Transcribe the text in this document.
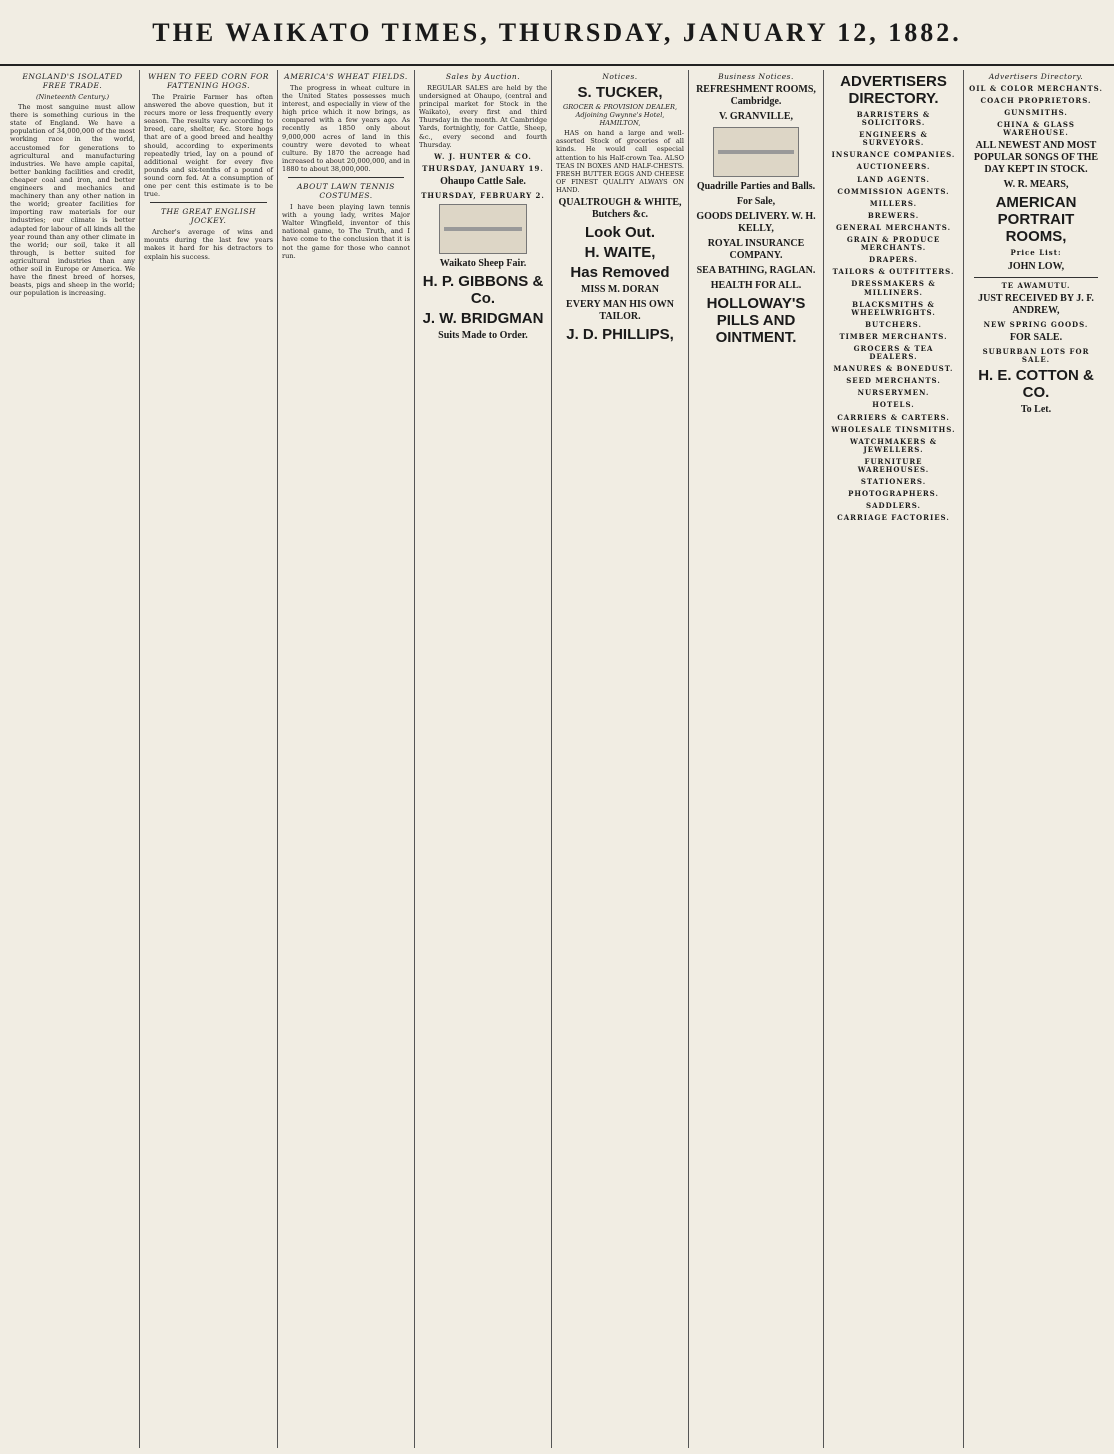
THE WAIKATO TIMES, THURSDAY, JANUARY 12, 1882.
ENGLAND'S ISOLATED FREE TRADE.
(Nineteenth Century.)

The most sanguine must allow there is something curious in the state of England. We have a population of 34,000,000 of the most working race in the world, accustomed for generations to agricultural and manufacturing industries. We have ample capital, better banking facilities and credit, cheaper coal and iron, and better engineers and mechanics and machinery than any other nation in the world; greater facilities for importing raw materials for our industries; our climate is better adapted for labour of all kinds all the year round than any other climate in the world; our soil, take it all through, is better suited for agricultural industries than any other soil in Europe or America. We have the finest breed of horses, beasts, pigs and sheep in the world; our population is increasing.

WHEN TO FEED CORN FOR FATTENING HOGS.

The Prairie Farmer has often answered the above question, but it recurs more or less frequently every season. The results vary according to breed, care, shelter, &c. Store hogs that are of a good breed and healthy should, according to experiments repeatedly tried, lay on a pound of additional weight for every five pounds and six-tenths of a pound of sound corn fed. At a consumption of one per cent this estimate is to be true.

THE GREAT ENGLISH JOCKEY.

Archer's average of wins and mounts during the last few years makes it hard for his detractors to explain his success.

AMERICA'S WHEAT FIELDS.

The progress in wheat culture in the United States possesses much interest, and especially in view of the high price which it now brings, as compared with a few years ago. As recently as 1850 only about 9,000,000 acres of land in this country were devoted to wheat culture. By 1870 the acreage had increased to about 20,000,000, and in 1880 to about 38,000,000.

ABOUT LAWN TENNIS COSTUMES.

I have been playing lawn tennis with a young lady, writes Major Walter Wingfield, inventor of this national game, to The Truth, and I have come to the conclusion that it is not the game for those who cannot run.

Sales by Auction.

REGULAR SALES are held by the undersigned at Ohaupo, (central and principal market for Stock in the Waikato), every first and third Thursday in the month. At Cambridge Yards, fortnightly, for Cattle, Sheep, &c., every second and fourth Thursday.

W. J. HUNTER & CO.
THURSDAY, JANUARY 19.
Ohaupo Cattle Sale.

THURSDAY, FEBRUARY 2.
Waikato Sheep Fair.

H. P. GIBBONS & Co.

J. W. BRIDGMAN

Suits Made to Order.
Notices.
S. TUCKER,
GROCER & PROVISION DEALER, Adjoining Gwynne's Hotel, HAMILTON,

HAS on hand a large and well-assorted Stock of groceries of all kinds. He would call especial attention to his Half-crown Tea. ALSO TEAS IN BOXES AND HALF-CHESTS. FRESH BUTTER EGGS AND CHEESE OF FINEST QUALITY ALWAYS ON HAND.

QUALTROUGH & WHITE, Butchers &c.

Look Out.
H. WAITE,
Has Removed

MISS M. DORAN

EVERY MAN HIS OWN TAILOR.

J. D. PHILLIPS,
Business Notices.
REFRESHMENT ROOMS, Cambridge.

V. GRANVILLE,
Quadrille Parties and Balls.

For Sale,

GOODS DELIVERY. W. H. KELLY,

ROYAL INSURANCE COMPANY.

SEA BATHING, RAGLAN.

HEALTH FOR ALL.
HOLLOWAY'S PILLS AND OINTMENT.

ADVERTISERS DIRECTORY.
BARRISTERS & SOLICITORS.

ENGINEERS & SURVEYORS.

INSURANCE COMPANIES.

AUCTIONEERS.

LAND AGENTS.

COMMISSION AGENTS.

MILLERS.

BREWERS.

GENERAL MERCHANTS.

GRAIN & PRODUCE MERCHANTS.

DRAPERS.

TAILORS & OUTFITTERS.

DRESSMAKERS & MILLINERS.

BLACKSMITHS & WHEELWRIGHTS.

BUTCHERS.

TIMBER MERCHANTS.

GROCERS & TEA DEALERS.

MANURES & BONEDUST.

SEED MERCHANTS.

NURSERYMEN.

HOTELS.

CARRIERS & CARTERS.

WHOLESALE TINSMITHS.

WATCHMAKERS & JEWELLERS.

FURNITURE WAREHOUSES.

STATIONERS.

PHOTOGRAPHERS.

SADDLERS.

CARRIAGE FACTORIES.
Advertisers Directory.
OIL & COLOR MERCHANTS.
COACH PROPRIETORS.
GUNSMITHS.
CHINA & GLASS WAREHOUSE.
ALL NEWEST AND MOST POPULAR SONGS OF THE DAY KEPT IN STOCK.

W. R. MEARS,
AMERICAN PORTRAIT ROOMS,

Price List:

JOHN LOW,
TE AWAMUTU.
JUST RECEIVED BY J. F. ANDREW,
NEW SPRING GOODS.

FOR SALE.
SUBURBAN LOTS FOR SALE.
H. E. COTTON & CO.

To Let.
